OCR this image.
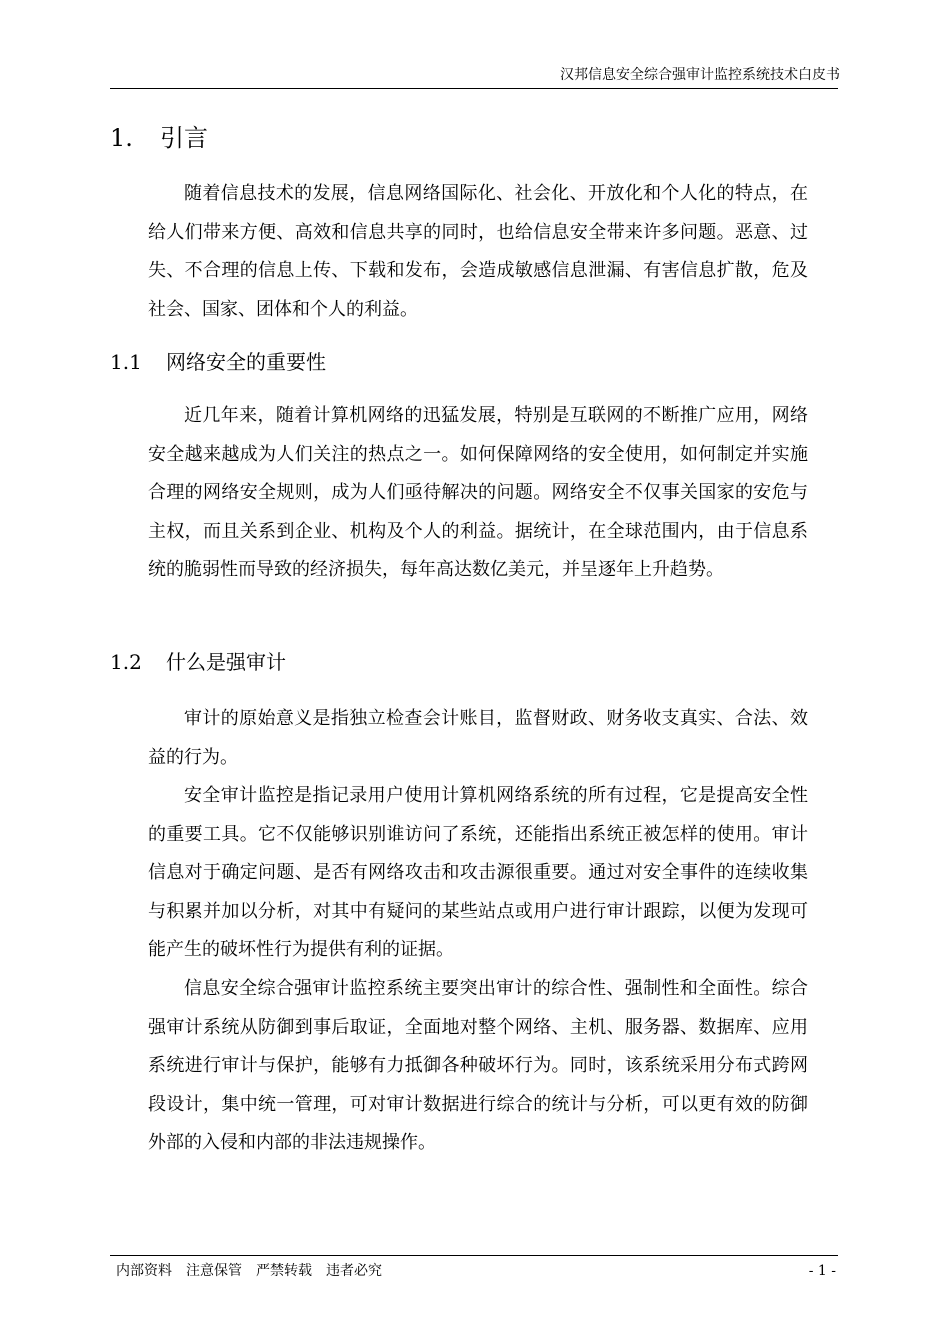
汉邦信息安全综合强审计监控系统技术白皮书
1. 引言

随着信息技术的发展，信息网络国际化、社会化、开放化和个人化的特点，在给人们带来方便、高效和信息共享的同时，也给信息安全带来许多问题。恶意、过失、不合理的信息上传、下载和发布，会造成敏感信息泄漏、有害信息扩散，危及社会、国家、团体和个人的利益。

1.1 网络安全的重要性

近几年来，随着计算机网络的迅猛发展，特别是互联网的不断推广应用，网络安全越来越成为人们关注的热点之一。如何保障网络的安全使用，如何制定并实施合理的网络安全规则，成为人们亟待解决的问题。网络安全不仅事关国家的安危与主权，而且关系到企业、机构及个人的利益。据统计，在全球范围内，由于信息系统的脆弱性而导致的经济损失，每年高达数亿美元，并呈逐年上升趋势。

1.2 什么是强审计

审计的原始意义是指独立检查会计账目，监督财政、财务收支真实、合法、效益的行为。

安全审计监控是指记录用户使用计算机网络系统的所有过程，它是提高安全性的重要工具。它不仅能够识别谁访问了系统，还能指出系统正被怎样的使用。审计信息对于确定问题、是否有网络攻击和攻击源很重要。通过对安全事件的连续收集与积累并加以分析，对其中有疑问的某些站点或用户进行审计跟踪，以便为发现可能产生的破坏性行为提供有利的证据。

信息安全综合强审计监控系统主要突出审计的综合性、强制性和全面性。综合强审计系统从防御到事后取证，全面地对整个网络、主机、服务器、数据库、应用系统进行审计与保护，能够有力抵御各种破坏行为。同时，该系统采用分布式跨网段设计，集中统一管理，可对审计数据进行综合的统计与分析，可以更有效的防御外部的入侵和内部的非法违规操作。

内部资料 注意保管 严禁转载 违者必究	- 1 -
